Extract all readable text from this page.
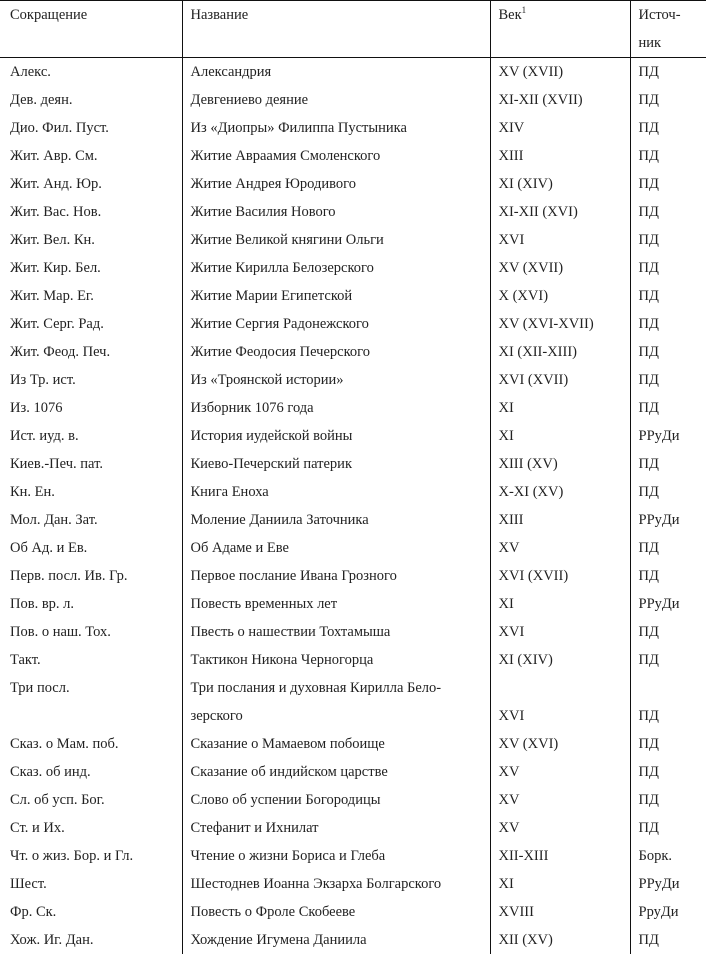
Сокращение	Название	Век$^1$	Источ-
			ник
Алекс.	Александрия	XV (XVII)	ПД
Дев. деян.	Девгениево деяние	XI-XII (XVII)	ПД
Дио. Фил. Пуст.	Из «Диопры» Филиппа Пустыника	XIV	ПД
Жит. Авр. См.	Житие Авраамия Смоленского	XIII	ПД
Жит. Анд. Юр.	Житие Андрея Юродивого	XI (XIV)	ПД
Жит. Вас. Нов.	Житие Василия Нового	XI-XII (XVI)	ПД
Жит. Вел. Кн.	Житие Великой княгини Ольги	XVI	ПД
Жит. Кир. Бел.	Житие Кирилла Белозерского	XV (XVII)	ПД
Жит. Мар. Ег.	Житие Марии Египетской	X (XVI)	ПД
Жит. Серг. Рад.	Житие Сергия Радонежского	XV (XVI-XVII)	ПД
Жит. Феод. Печ.	Житие Феодосия Печерского	XI (XII-XIII)	ПД
Из Тр. ист.	Из «Троянской истории»	XVI (XVII)	ПД
Из. 1076	Изборник 1076 года	XI	ПД
Ист. иуд. в.	История иудейской войны	XI	РРуДи
Киев.-Печ. пат.	Киево-Печерский патерик	XIII (XV)	ПД
Кн. Ен.	Книга Еноха	X-XI (XV)	ПД
Мол. Дан. Зат.	Моление Даниила Заточника	XIII	РРуДи
Об Ад. и Ев.	Об Адаме и Еве	XV	ПД
Перв. посл. Ив. Гр.	Первое послание Ивана Грозного	XVI (XVII)	ПД
Пов. вр. л.	Повесть временных лет	XI	РРуДи
Пов. о наш. Тох.	Пвесть о нашествии Тохтамыша	XVI	ПД
Такт.	Тактикон Никона Черногорца	XI (XIV)	ПД
Три посл.	Три послания и духовная Кирилла Бело-		
	зерского	XVI	ПД
Сказ. о Мам. поб.	Сказание о Мамаевом побоище	XV (XVI)	ПД
Сказ. об инд.	Сказание об индийском царстве	XV	ПД
Сл. об усп. Бог.	Слово об успении Богородицы	XV	ПД
Ст. и Их.	Стефанит и Ихнилат	XV	ПД
Чт. о жиз. Бор. и Гл.	Чтение о жизни Бориса и Глеба	XII-XIII	Борк.
Шест.	Шестоднев Иоанна Экзарха Болгарского	XI	РРуДи
Фр. Ск.	Повесть о Фроле Скобееве	XVIII	РруДи
Хож. Иг. Дан.	Хождение Игумена Даниила	XII (XV)	ПД
